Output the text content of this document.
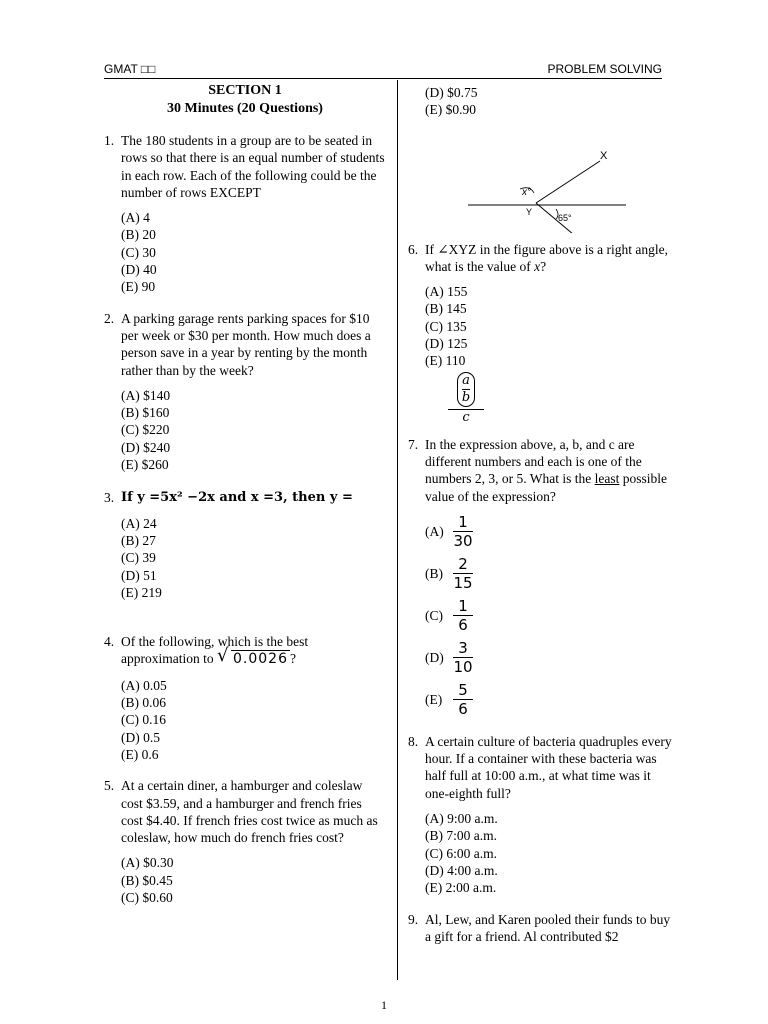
GMAT □□	PROBLEM SOLVING
SECTION 1
30 Minutes (20 Questions)
1. The 180 students in a group are to be seated in rows so that there is an equal number of students in each row. Each of the following could be the number of rows EXCEPT
(A) 4
(B) 20
(C) 30
(D) 40
(E) 90
2. A parking garage rents parking spaces for $10 per week or $30 per month. How much does a person save in a year by renting by the month rather than by the week?
(A) $140
(B) $160
(C) $220
(D) $240
(E) $260
3. If y =5x² −2x and x =3, then y =
(A) 24
(B) 27
(C) 39
(D) 51
(E) 219
4. Of the following, which is the best approximation to √ 0.0026 ?
(A) 0.05
(B) 0.06
(C) 0.16
(D) 0.5
(E) 0.6
5. At a certain diner, a hamburger and coleslaw cost $3.59, and a hamburger and french fries cost $4.40. If french fries cost twice as much as coleslaw, how much do french fries cost?
(A) $0.30
(B) $0.45
(C) $0.60
(D) $0.75
(E) $0.90
X
x°
Y
65°
6. If ∠XYZ in the figure above is a right angle, what is the value of x?
(A) 155
(B) 145
(C) 135
(D) 125
(E) 110
$\frac{a}{b}$
c
7. In the expression above, a, b, and c are different numbers and each is one of the numbers 2, 3, or 5. What is the least possible value of the expression?
$(A) \frac{1}{30}$
$(B) \frac{2}{15}$
$(C) \frac{1}{6}$
$(D) \frac{3}{10}$
$(E) \frac{5}{6}$
8. A certain culture of bacteria quadruples every hour. If a container with these bacteria was half full at 10:00 a.m., at what time was it one-eighth full?
(A) 9:00 a.m.
(B) 7:00 a.m.
(C) 6:00 a.m.
(D) 4:00 a.m.
(E) 2:00 a.m.
9. Al, Lew, and Karen pooled their funds to buy a gift for a friend. Al contributed $2
1
